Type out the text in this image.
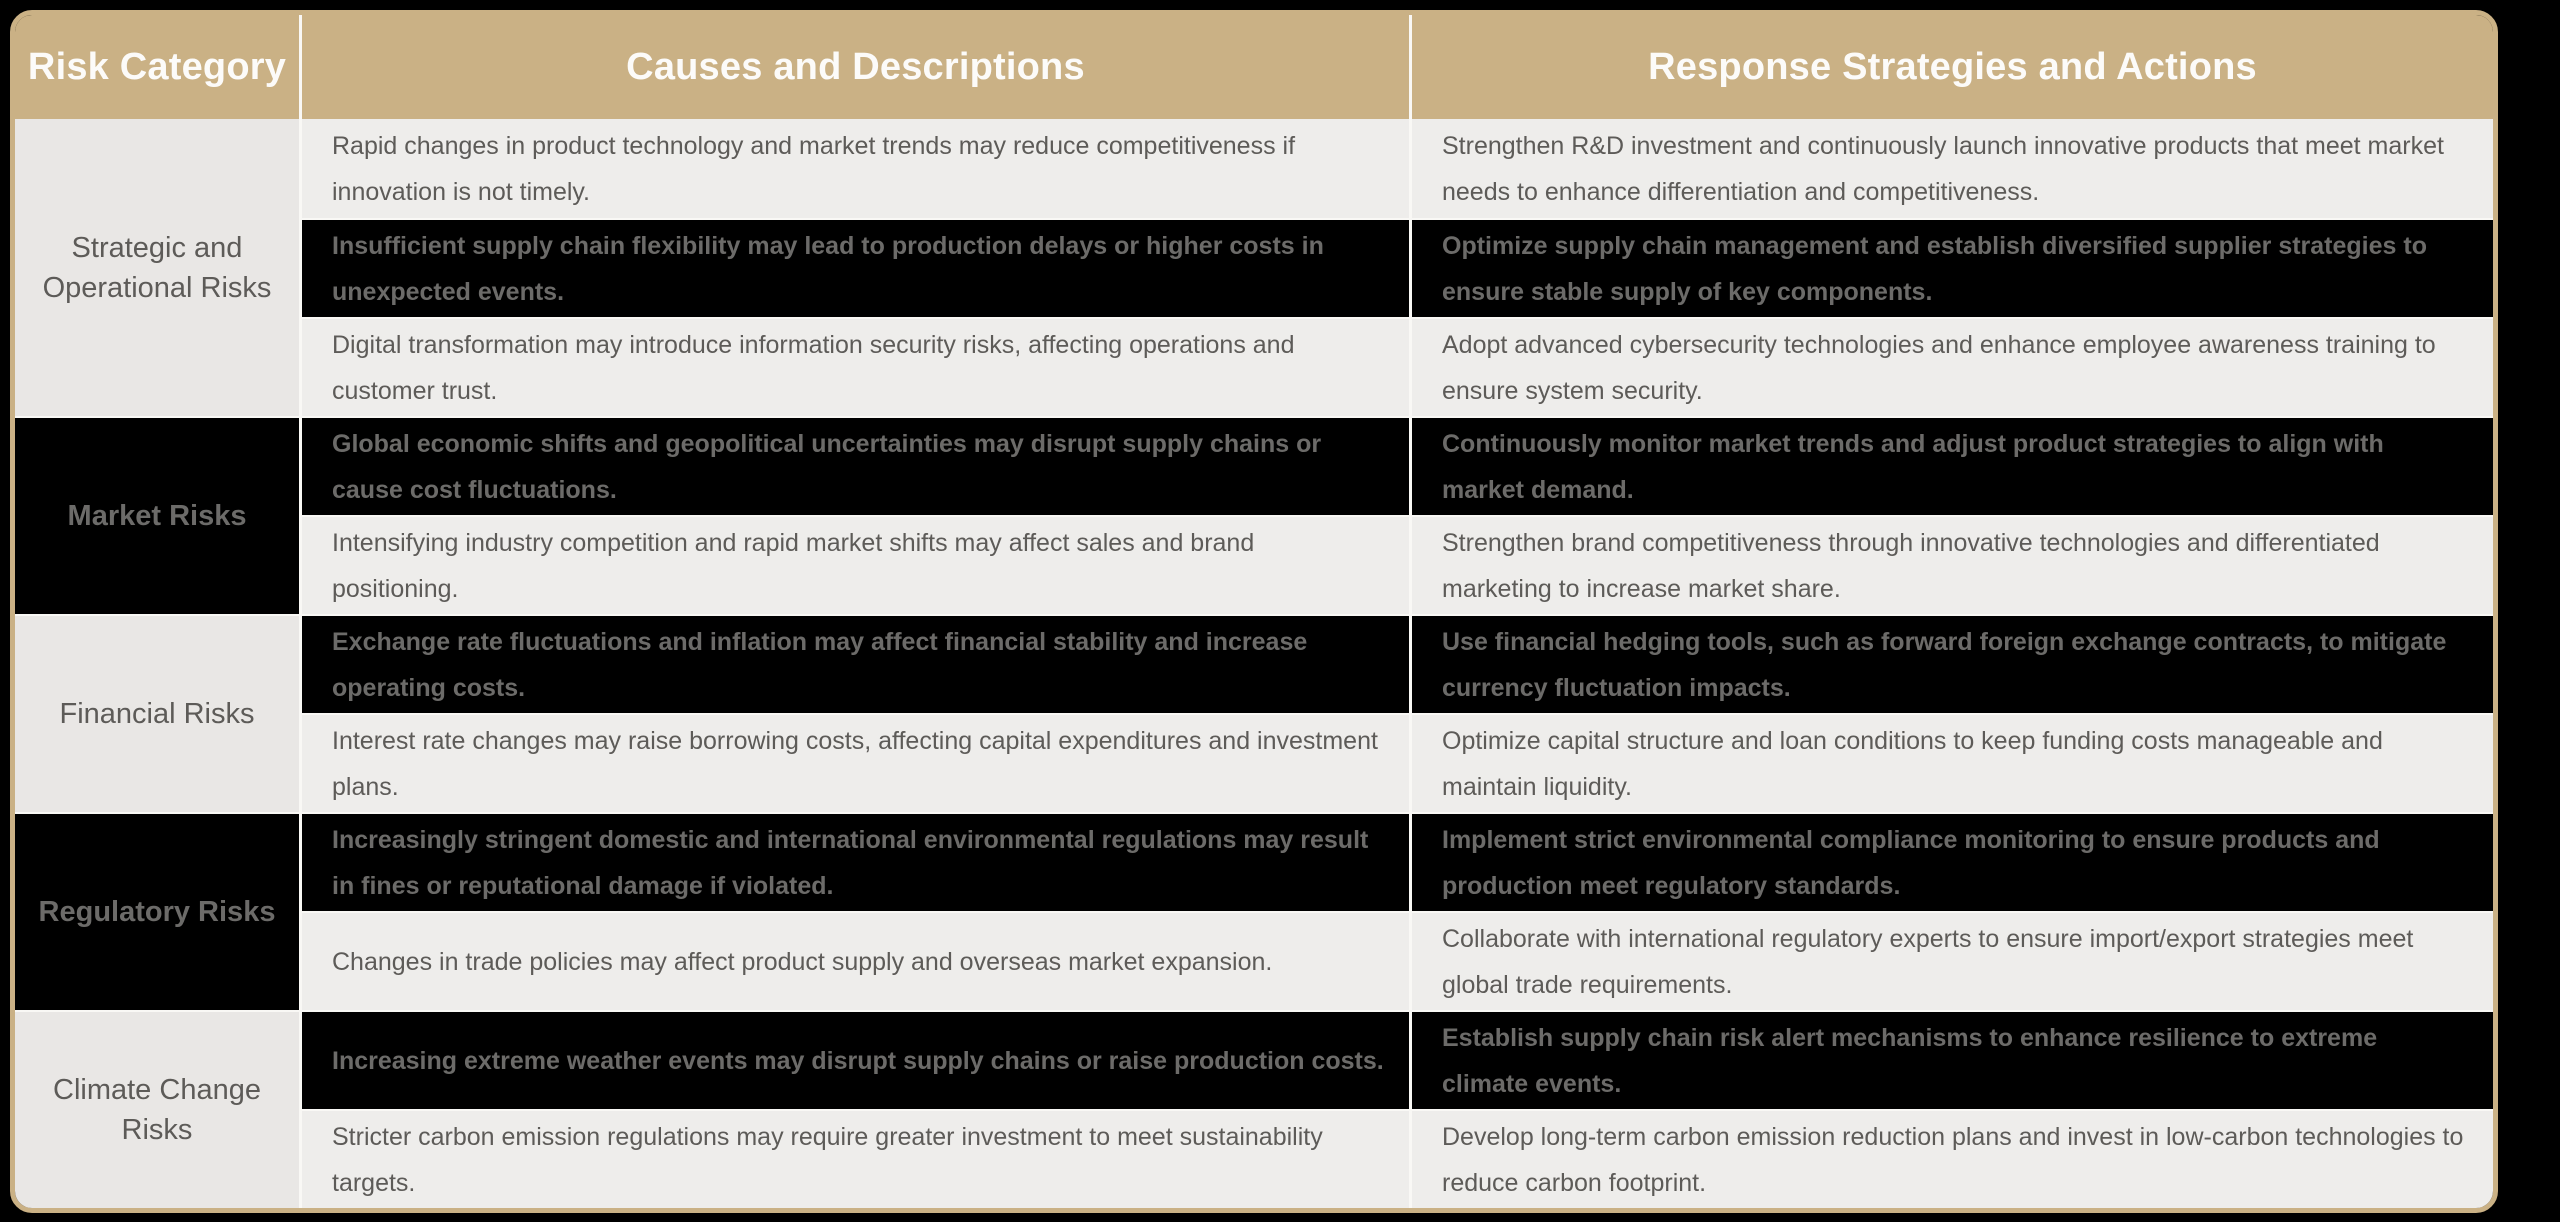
Risk Category	Causes and Descriptions	Response Strategies and Actions
Strategic and Operational Risks
Rapid changes in product technology and market trends may reduce competitiveness if innovation is not timely.
Strengthen R&D investment and continuously launch innovative products that meet market needs to enhance differentiation and competitiveness.
Insufficient supply chain flexibility may lead to production delays or higher costs in unexpected events.
Optimize supply chain management and establish diversified supplier strategies to ensure stable supply of key components.
Digital transformation may introduce information security risks, affecting operations and customer trust.
Adopt advanced cybersecurity technologies and enhance employee awareness training to ensure system security.
Market Risks
Global economic shifts and geopolitical uncertainties may disrupt supply chains or cause cost fluctuations.
Continuously monitor market trends and adjust product strategies to align with market demand.
Intensifying industry competition and rapid market shifts may affect sales and brand positioning.
Strengthen brand competitiveness through innovative technologies and differentiated marketing to increase market share.
Financial Risks
Exchange rate fluctuations and inflation may affect financial stability and increase operating costs.
Use financial hedging tools, such as forward foreign exchange contracts, to mitigate currency fluctuation impacts.
Interest rate changes may raise borrowing costs, affecting capital expenditures and investment plans.
Optimize capital structure and loan conditions to keep funding costs manageable and maintain liquidity.
Regulatory Risks
Increasingly stringent domestic and international environmental regulations may result in fines or reputational damage if violated.
Implement strict environmental compliance monitoring to ensure products and production meet regulatory standards.
Changes in trade policies may affect product supply and overseas market expansion.
Collaborate with international regulatory experts to ensure import/export strategies meet global trade requirements.
Climate Change Risks
Increasing extreme weather events may disrupt supply chains or raise production costs.
Establish supply chain risk alert mechanisms to enhance resilience to extreme climate events.
Stricter carbon emission regulations may require greater investment to meet sustainability targets.
Develop long-term carbon emission reduction plans and invest in low-carbon technologies to reduce carbon footprint.
